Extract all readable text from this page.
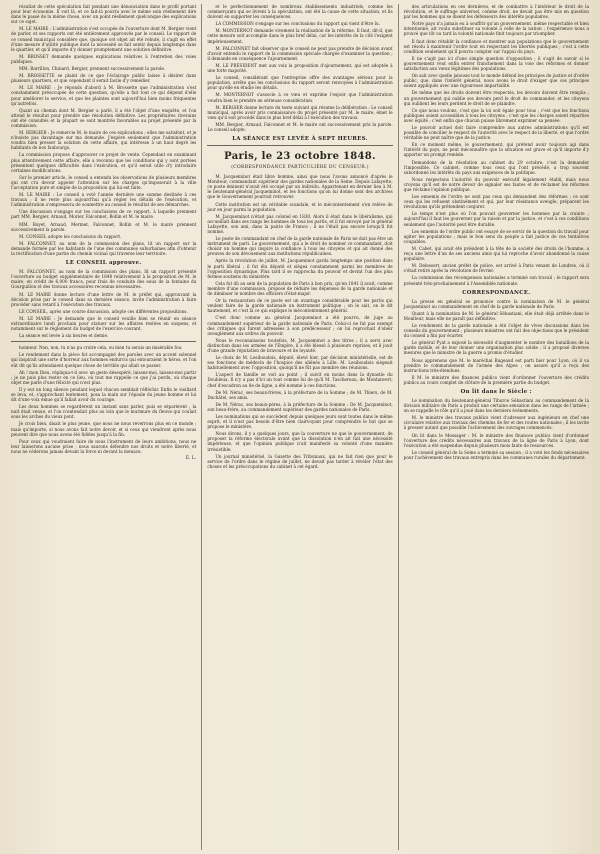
résultat de cette spéculation fait pendant une dénonciation dans le profil portant pour leur économie. Il voit là, et ce fait-là pourra avec le même soin réellement dire dans le passé de la même chose, avec un point réellement quelconque des explications sur ce sujet.

M. LE MAIRE : L'administration s'est occupée de l'ouverture dont M. Bergier vient de parler, et ses rapports ont été entièrement approuvés par le conseil. Le rapport de ce conseil municipal considère que, quoique cet objet ait été rebuté, il s'agit en effet d'une mesure d'utilité publique dont la nécessité se fait sentir depuis longtemps dans le quartier, et qu'il importe d'y donner promptement une solution définitive.

M. BROSSET demande quelques explications relatives à l'entretien des voies publiques.

MM. Barrillon, Chinard, Bergier, prennent successivement la parole.

M. BROSSETTE se plaint de ce que l'éclairage public laisse à désirer dans plusieurs quartiers, et que cependant il serait facile d'y remédier.

M. LE MAIRE : Je réponds d'abord à M. Brossette que l'administration s'est constamment préoccupée de cette question, qu'elle a fait tout ce qui dépend d'elle pour améliorer le service, et que les plaintes sont aujourd'hui bien moins fréquentes qu'autrefois.

Quant au chemin dont M. Bergier a parlé, il a été l'objet d'une enquête, et l'on attend le résultat pour prendre une résolution définitive. Les propriétaires riverains ont été consultés et la plupart se sont montrés favorables au projet présenté par la commission.

M. BERGIER : Je remercie M. le maire de ces explications ; elles me satisfont, et je n'insiste pas davantage sur ma demande. J'espère seulement que l'administration voudra bien presser la solution de cette affaire, qui intéresse à un haut degré les habitants de nos faubourgs.

La commission propose d'approuver ce projet de vente. Cependant en examinant plus attentivement cette affaire, elle a reconnu que les conditions qui y sont portées présentent quelques difficultés dans l'exécution, et qu'il serait utile d'y introduire certaines modifications.

Sur le premier article, le conseil a entendu les observations de plusieurs membres qui ont cru devoir appeler l'attention sur les charges qu'imposerait à la ville l'acceptation pure et simple de la proposition qui lui est faite.

M. LE MAIRE : Le conseil a voté l'année dernière une somme destinée à ces travaux ; il ne reste plus aujourd'hui qu'à régler les détails de l'exécution, et l'administration s'empressera de soumettre au conseil le résultat de ses démarches.

Une discussion s'engage sur les conclusions de ce rapport, à laquelle prennent part MM. Bergier, Arnaud, Morier, Falconnet, Bollin et M. le maire.

MM. Boyet, Arnaud, Mermet, Falconnet, Bollin et M. le maire prennent successivement la parole.

M. CONSEIL adopte les conclusions du rapport.

M. FALCONNET, au nom de la commission des plans, lit un rapport sur la demande formée par les habitants de l'une des communes suburbaines afin d'obtenir la rectification d'une partie du chemin vicinal qui traverse leur territoire.

LE CONSEIL approuve.

M. FALCONNET, au nom de la commission des plans, lit un rapport présenté l'ouverture au budget supplémentaire de 1848 relativement à la proposition de M. le maire, en crédit de 6,000 francs, pour frais de conduite des eaux de la fontaine du Gourguillon et des travaux accessoires reconnus nécessaires.

M. LE MAIRE donne lecture d'une lettre de M. le préfet qui, approuvant la décision prise par le conseil dans sa dernière séance, invite l'administration à faire procéder sans retard à l'exécution des travaux.

LE CONSEIL, après une courte discussion, adopte ces différentes propositions.

M. LE MAIRE : Je demande que le conseil veuille bien se réunir en séance extraordinaire lundi prochain pour statuer sur les affaires restées en suspens, et notamment sur le règlement du budget de l'exercice courant.

La séance est levée à six heures et demie.

honneur. Non, non, tu n'as pu croire cela, ou bien tu serais un misérable fou.

Le rendement dans la pièce fut accompagné des paroles avec un accent solennel qui inspirait une sorte d'horreur aux hommes endurcis qui entouraient le héros, et l'on eût dit qu'ils attendaient quelque chose de terrible qui allait se passer.

Ah ! mon Dieu, répliqua-t-il avec un geste désespéré, laissez-moi, laissez-moi partir ; je ne puis plus rester en ce lieu, où tout me rappelle ce que j'ai perdu, où chaque objet me parle d'une félicité qui n'est plus.

Il y eut un long silence pendant lequel chacun semblait réfléchir. Enfin le vieillard se leva, et, s'approchant lentement, posa la main sur l'épaule du jeune homme et lui dit d'une voix émue qu'il fallait avoir du courage.

Les deux hommes se regardèrent un instant sans parler, puis se séparèrent ; la nuit était venue, et l'on n'entendait plus au loin que le murmure du fleuve qui coulait sous les arches du vieux pont.

Je crois bien, disait le plus jeune, que nous ne nous reverrons plus en ce monde ; mais qu'importe, si nous avons fait notre devoir, et si ceux qui viendront après nous peuvent dire que nous avons été fidèles jusqu'à la fin.

Pour ceux qui voudraient faire de nous l'instrument de leurs ambitions, nous ne leur laisserons aucune prise ; nous saurons défendre nos droits et notre liberté, et nous ne céderons jamais devant la force ni devant la menace.

E. L.

et le perfectionnement de nombreux établissements industriels, comme les commerçants qui se livrent à la spéculation, ont été la cause de cette situation, et ils doivent en supporter les conséquences.

LA COMMISSION s'engage sur les conclusions du rapport qui vient d'être lu.

M. MONTERNOT demande vivement la réalisation de la réforme. Il faut, dit-il, que cette mesure soit accomplie dans le plus bref délai, car les intérêts de la cité l'exigent impérieusement.

M. FALCONNET fait observer que le conseil ne peut pas prendre de décision avant d'avoir entendu le rapport de la commission spéciale chargée d'examiner la question ; il demande en conséquence l'ajournement.

M. LE PRÉSIDENT met aux voix la proposition d'ajournement, qui est adoptée à une forte majorité.

Le conseil, considérant que l'entreprise offre des avantages sérieux pour la population, arrête que les conclusions du rapport seront renvoyées à l'administration pour qu'elle en étudie les détails.

M. MONTERNOT s'associe à ce vœu et exprime l'espoir que l'administration voudra bien le prendre en sérieuse considération.

M. BERGIER donne lecture du texte suivant qui résume la délibération : Le conseil municipal, après avoir pris connaissance du projet présenté par M. le maire, émet le vœu qu'il soit procédé dans le plus bref délai à l'exécution des travaux.

MM. Bergier, Arnaud, Falconnet et M. le maire ont successivement pris la parole. Le conseil adopte.

LA SÉANCE EST LEVÉE À SEPT HEURES.
Paris, le 23 octobre 1848.
(CORRESPONDANCE PARTICULIÈRE DU CENSEUR.)

M. Jacqueminot était libre homme, ainsi que nous l'avons annoncé d'après le Moniteur, commandant supérieur des gardes nationales de la Seine. Depuis Lafayette, ce poste éminent n'avait été occupé par un individu. Appartenant en dernier lieu à M. le lieutenant-général Jacqueminot, et les fonctions qu'on lui donne sont des archives que le Gouvernement pourrait retrouver.

Cette institution est un véritable scandale, et le mécontentement s'en relève de jour en jour parmi la population.

M. Jacqueminot n'était pas colonel en 1830. Alors il était dans le libéralisme, qui accueillait dans ses rangs les hommes de tous les partis, et il fut envoyé par le général Lafayette, son ami, dans la pairie de France ; il ne l'était pas encore lorsqu'il fut nommé.

Le poste de commandant en chef de la garde nationale de Paris ne doit pas être un instrument de parti. Le gouvernement, qui a le droit de nommer ce commandant, doit choisir un homme qui inspire la confiance à tous les citoyens et qui ait donné des preuves de son dévouement aux institutions républicaines.

Après la révolution de juillet, M. Jacqueminot garda longtemps une position dans le parti libéral ; il fut élu député et siégea constamment parmi les membres de l'opposition dynastique. Plus tard il se rapprocha du pouvoir et devint l'un des plus fermes soutiens du ministère.

Cela fut dû au sein de la population de Paris à bon prix, qu'en 1841 il avait, comme membre d'une commission, proposé de réduire les dépenses de la garde nationale et de diminuer le nombre des officiers d'état-major.

Or la restauration de ce poste est un avantage considérable pour les partis qui veulent faire de la garde nationale un instrument politique ; on le sait, on le dit hautement, et c'est là ce qui explique le mécontentement général.

C'est donc comme au général Jacqueminot a été pourvu, de juge au commandement supérieur de la garde nationale de Paris. Celui-ci ne fut pas exempt des critiques qui furent adressées à son prédécesseur ; on lui reprochait d'obéir aveuglément aux ordres du pouvoir.

Nous le reconnaissons toutefois, M. Jacqueminot a des titres ; il a servi avec distinction dans les armées de l'Empire, il a été blessé à plusieurs reprises, et il jouit d'une grande réputation de bravoure et de loyauté.

Le choix de M. Lesiboudois, député, élevé hier, par décision ministérielle, est de ses fonctions de médecin de l'hospice des aliénés à Lille. M. Lesiboudois siégeait habituellement avec l'opposition, quoiqu'il ne fût pas membre des réunions.

L'aspect de famille se voit au point ; il suivit en moins dans la dynastie du Doubleux. Il n'y a pas d'ici un tout comme lui de qu'il M. Taschereau, de Montanvert, chef d'escadron au 8e de ligne, a été nommé à ces fonctions.

De M. Nérac, ses beaux-frères, à la préfecture de la Somme ; de M. Thiers, de M. Duchâtel, ses amis.

De M. Nérac, ses beaux-pères, à la préfecture de la Somme : De M. Jacqueminot, son beau-frère, au commandement supérieur des gardes nationales de Paris.

Les nominations qui se succèdent depuis quelques jours sont toutes dans le même esprit, et il n'est pas besoin d'être bien clairvoyant pour comprendre le but que se propose le ministère.

Nous dirons, il y a quelques jours, que la couverture ne que le gouvernement, de proposer la réforme électorale avant que la dissolution n'en ait fait une nécessité impérieuse, et que l'opinion publique n'ait manifesté sa volonté d'une manière irrésistible.

Un journal ministériel, la Gazette des Tribunaux, qui ne fait rien que pour le service de l'ordre dans le régime de juillet, ne devait pas tarder à révéler l'état des choses et les préoccupations du cabinet à cet égard.

des articulations en ces dernières, et de combattre à l'intérieur le droit de la révolution, et le suffrage universel, comme droit, ne devait pas être mis en question par les hommes qui se disent les défenseurs des intérêts populaires.

Notre pays n'a jamais eu à souffrir qu'un gouvernement, même respectable et bien intentionné, ait voulu substituer sa volonté à celle de la nation ; l'expérience nous a prouvé que tôt ou tard la volonté nationale finit toujours par triompher.

Il faut donc rétablir la confiance et montrer aux populations que le gouvernement est résolu à maintenir l'ordre tout en respectant les libertés publiques ; c'est à cette condition seulement qu'il pourra compter sur l'appui du pays.

Il ne s'agit pas ici d'une simple question d'opposition ; il s'agit de savoir si le gouvernement veut enfin entrer franchement dans la voie des réformes et donner satisfaction aux vœux légitimes des populations.

On sait avec quelle jalousie tout le monde défend les principes de justice et d'ordre public, que, dans l'intérêt général, nous avons le droit d'exiger que ces principes soient appliqués avec une rigoureuse impartialité.

De même que les droits doivent être respectés, les devoirs doivent être remplis ; un gouvernement qui oublie ses devoirs perd le droit de commander, et les citoyens qui oublient les leurs perdent le droit de se plaindre.

Ce que nous voulons, c'est que la loi soit égale pour tous ; c'est que les fonctions publiques soient accessibles à tous les citoyens ; c'est que les charges soient réparties avec équité ; c'est enfin que chacun puisse librement exprimer sa pensée.

Le pouvoir actuel doit faire comprendre aux autres administrations qu'il est possible de concilier le respect de l'autorité avec le respect de la liberté, et que l'ordre véritable ne peut naître que de la justice.

En ce moment même, le gouvernement, qui prétend avoir toujours agi dans l'intérêt du pays, ne peut méconnaître que la situation est grave et qu'il importe d'y apporter un prompt remède.

Demandons de la résolution au cabinet du 29 octobre, c'est la demander l'impossible. Ce cabinet, comme tous ceux qui l'ont précédé, a trop souvent subordonné les intérêts du pays aux exigences de la politique.

Nous respectons l'autorité du pouvoir exécutif légalement établi, mais nous croyons qu'il est de notre devoir de signaler ses fautes et de réclamer les réformes que réclame l'opinion publique.

Les ennemis de l'ordre ne sont pas ceux qui demandent des réformes ; ce sont ceux qui les refusent obstinément et qui, par leur résistance aveugle, préparent les révolutions qu'ils prétendent conjurer.

Le temps n'est plus où l'on pouvait gouverner les hommes par la crainte ; aujourd'hui il faut les gouverner par la raison et par la justice, et c'est à ces conditions seulement que l'autorité peut être durable.

Les ennemis de l'ordre public ont essayé de se servir de la question du travail pour agiter les populations ; mais le bon sens du peuple a fait justice de ces tentatives coupables.

M. Cabet, qui avait été président à la tête de la société des droits de l'homme, a reçu une lettre d'un de ses anciens amis qui lui reproche d'avoir abandonné la cause populaire.

M. Delessert, ancien préfet de police, est arrivé à Paris venant de Londres, où il s'était retiré après la révolution de février.

La commission des récompenses nationales a terminé son travail ; le rapport sera présenté très-prochainement à l'Assemblée nationale.

CORRESPONDANCE.

La presse en général se prononce contre la nomination de M. le général Jacqueminot au commandement en chef de la garde nationale de Paris.

Quant à la nomination de M. le général Sébastiani, elle était déjà arrêtée dans le Moniteur, mais elle ne paraît pas définitive.

Le rendement de la garde nationale a été l'objet de vives discussions dans les conseils du gouvernement ; plusieurs ministres ont fait des objections que le président du conseil a fini par écarter.

Le général Pyat a exposé la nécessité d'augmenter le nombre des bataillons de la garde mobile, et de leur donner une organisation plus solide ; il a proposé diverses mesures que le ministre de la guerre a promis d'étudier.

Nous apprenons que M. le maréchal Bugeaud est parti hier pour Lyon, où il va prendre le commandement de l'armée des Alpes ; on assure qu'il a reçu des instructions très-étendues.

Il M. le ministre des finances publics vient d'ordonner l'ouverture des crédits publics au cours complet de clôture de la première partie du budget.

On lit dans le Siècle :

Le nomination du lieutenant-général Tiburce Sébastiani au commandement de la division militaire de Paris a produit une certaine sensation dans les rangs de l'armée ; on se rappelle le rôle qu'il a joué dans les derniers événements.

M. le ministre des travaux publics vient d'adresser aux ingénieurs en chef une circulaire relative aux travaux des chemins de fer et des routes nationales ; il les invite à presser autant que possible l'achèvement des ouvrages commencés.

On lit dans le Messager : M. le ministre des finances publics vient d'ordonner l'ouverture des crédits nécessaires aux travaux de la ligne de Paris à Lyon, dont l'exécution a été suspendue depuis plusieurs mois faute de ressources.

Le conseil général de la Seine a terminé sa session ; il a voté les fonds nécessaires pour l'achèvement des travaux entrepris dans les communes rurales du département.
